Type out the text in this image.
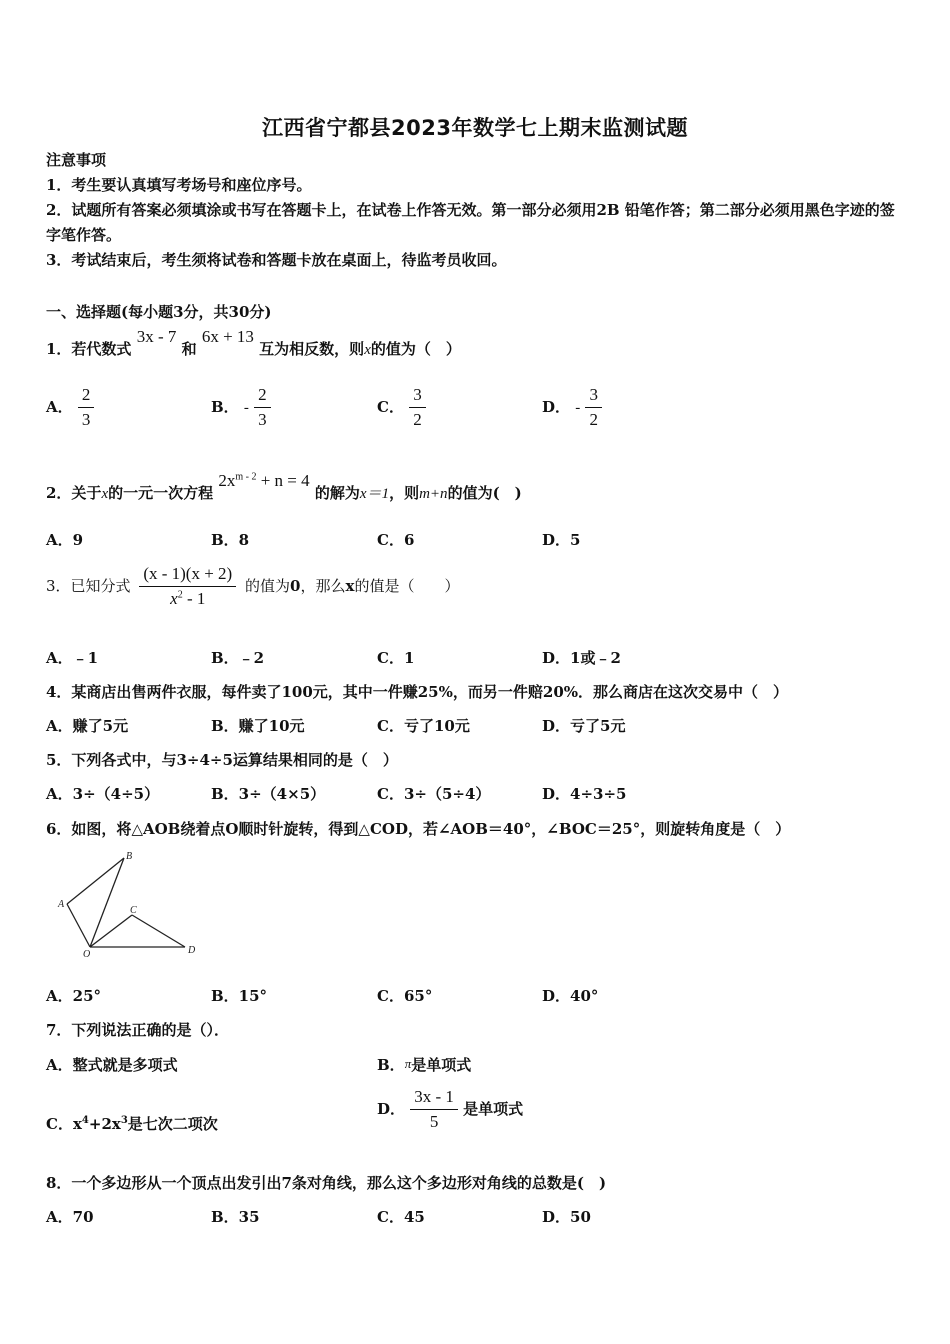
江西省宁都县2023年数学七上期末监测试题
注意事项
1．考生要认真填写考场号和座位序号。
2．试题所有答案必须填涂或书写在答题卡上，在试卷上作答无效。第一部分必须用2B 铅笔作答；第二部分必须用黑色字迹的签字笔作答。
3．考试结束后，考生须将试卷和答题卡放在桌面上，待监考员收回。
一、选择题(每小题3分，共30分)
1．若代数式 3x - 7 和 6x + 13 互为相反数，则x的值为（　）
A． $\frac{2}{3}$	B． - $\frac{2}{3}$	C． $\frac{3}{2}$	D． - $\frac{3}{2}$
2．关于x的一元一次方程 $2x^{m - 2} + n = 4$ 的解为x＝1，则m+n的值为(　)
A．9	B．8	C．6	D．5
3．已知分式 $\frac{(x - 1)(x + 2)}{x^2 - 1}$ 的值为0，那么x的值是（　　）
A．﹣1	B．﹣2	C．1	D．1或﹣2
4．某商店出售两件衣服，每件卖了100元，其中一件赚25%，而另一件赔20%．那么商店在这次交易中（　）
A．赚了5元	B．赚了10元	C．亏了10元	D．亏了5元
5．下列各式中，与3÷4÷5运算结果相同的是（　）
A．3÷（4÷5）	B．3÷（4×5）	C．3÷（5÷4）	D．4÷3÷5
6．如图，将△AOB绕着点O顺时针旋转，得到△COD，若∠AOB＝40°，∠BOC＝25°，则旋转角度是（　）
A
B
C
D
O
A．25°	B．15°	C．65°	D．40°
7．下列说法正确的是（）．
A．整式就是多项式	B．π是单项式
C．$x^4+2x^3$是七次二项次
D． $\frac{3x - 1}{5}$ 是单项式
8．一个多边形从一个顶点出发引出7条对角线，那么这个多边形对角线的总数是(　)
A．70	B．35	C．45	D．50
